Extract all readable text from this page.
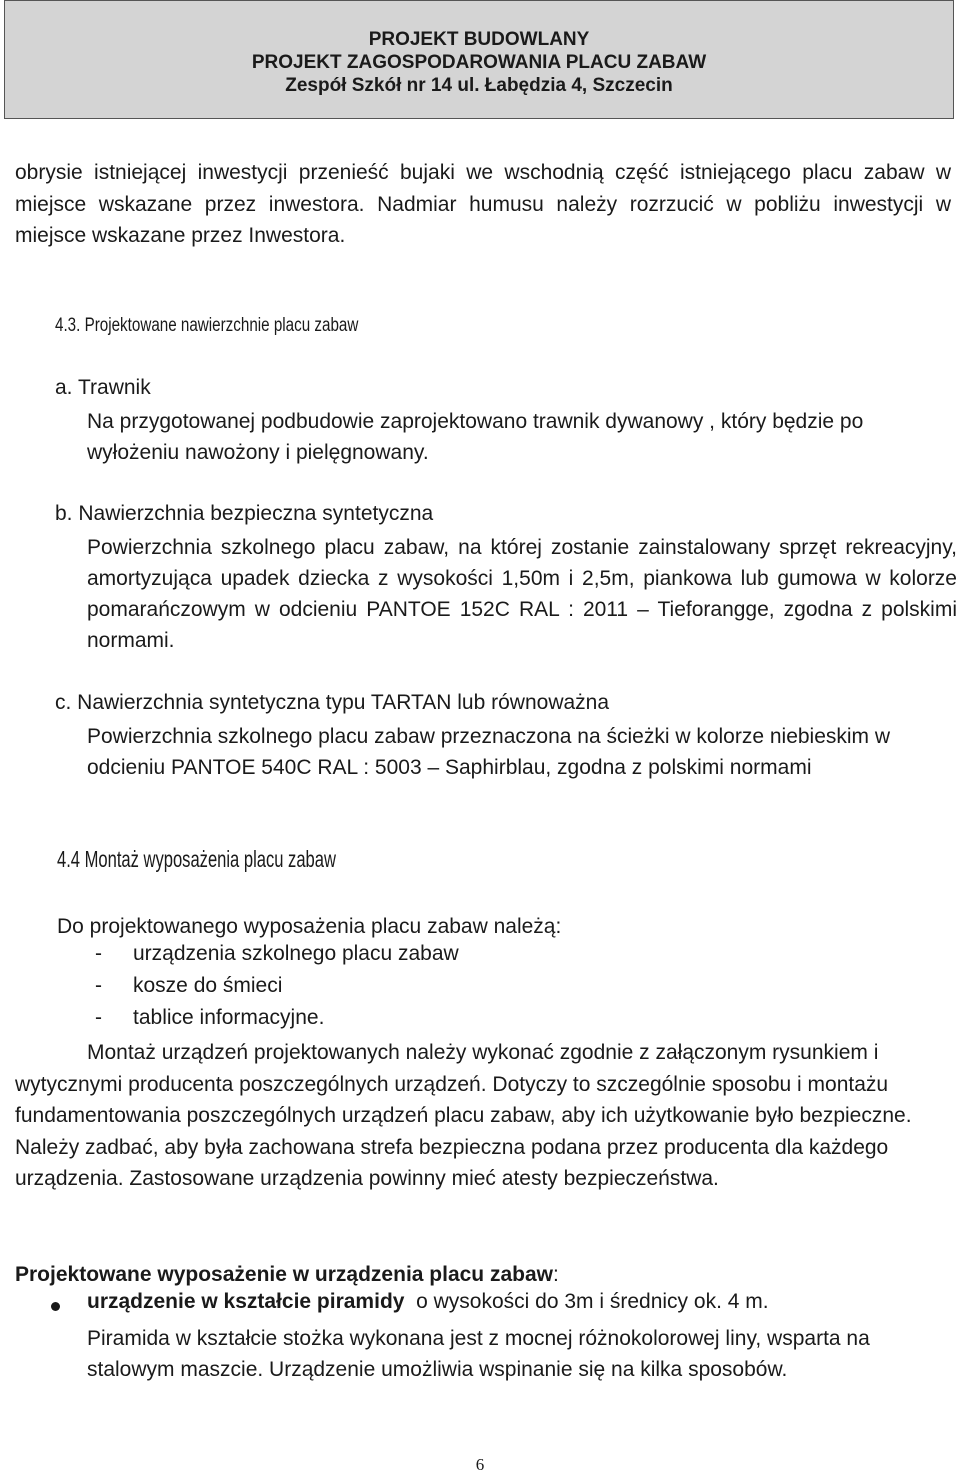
PROJEKT BUDOWLANY
PROJEKT ZAGOSPODAROWANIA PLACU ZABAW
Zespół Szkół nr 14 ul. Łabędzia 4, Szczecin
obrysie istniejącej inwestycji przenieść bujaki we wschodnią część istniejącego placu zabaw w miejsce wskazane przez inwestora. Nadmiar humusu należy rozrzucić w pobliżu inwestycji w miejsce wskazane przez Inwestora.
4.3. Projektowane nawierzchnie placu zabaw
a. Trawnik
Na przygotowanej podbudowie zaprojektowano trawnik dywanowy , który będzie po wyłożeniu nawożony i pielęgnowany.
b. Nawierzchnia bezpieczna syntetyczna
Powierzchnia szkolnego placu zabaw, na której zostanie zainstalowany sprzęt rekreacyjny, amortyzująca upadek dziecka z wysokości 1,50m i 2,5m, piankowa lub gumowa w kolorze pomarańczowym w odcieniu PANTOE 152C RAL : 2011 – Tieforangge, zgodna z polskimi normami.
c. Nawierzchnia syntetyczna typu TARTAN lub równoważna
Powierzchnia szkolnego placu zabaw przeznaczona na ścieżki w kolorze niebieskim w odcieniu PANTOE 540C RAL : 5003 – Saphirblau, zgodna z polskimi normami
4.4 Montaż wyposażenia placu zabaw
Do projektowanego wyposażenia placu zabaw należą:
- urządzenia szkolnego placu zabaw
- kosze do śmieci
- tablice informacyjne.
Montaż urządzeń projektowanych należy wykonać zgodnie z załączonym rysunkiem i wytycznymi producenta poszczególnych urządzeń. Dotyczy to szczególnie sposobu i montażu fundamentowania poszczególnych urządzeń placu zabaw, aby ich użytkowanie było bezpieczne. Należy zadbać, aby była zachowana strefa bezpieczna podana przez producenta dla każdego urządzenia. Zastosowane urządzenia powinny mieć atesty bezpieczeństwa.
Projektowane wyposażenie w urządzenia placu zabaw:
urządzenie w kształcie piramidy  o wysokości do 3m i średnicy ok. 4 m.
Piramida w kształcie stożka wykonana jest z mocnej różnokolorowej liny, wsparta na stalowym maszcie. Urządzenie umożliwia wspinanie się na kilka sposobów.
6
